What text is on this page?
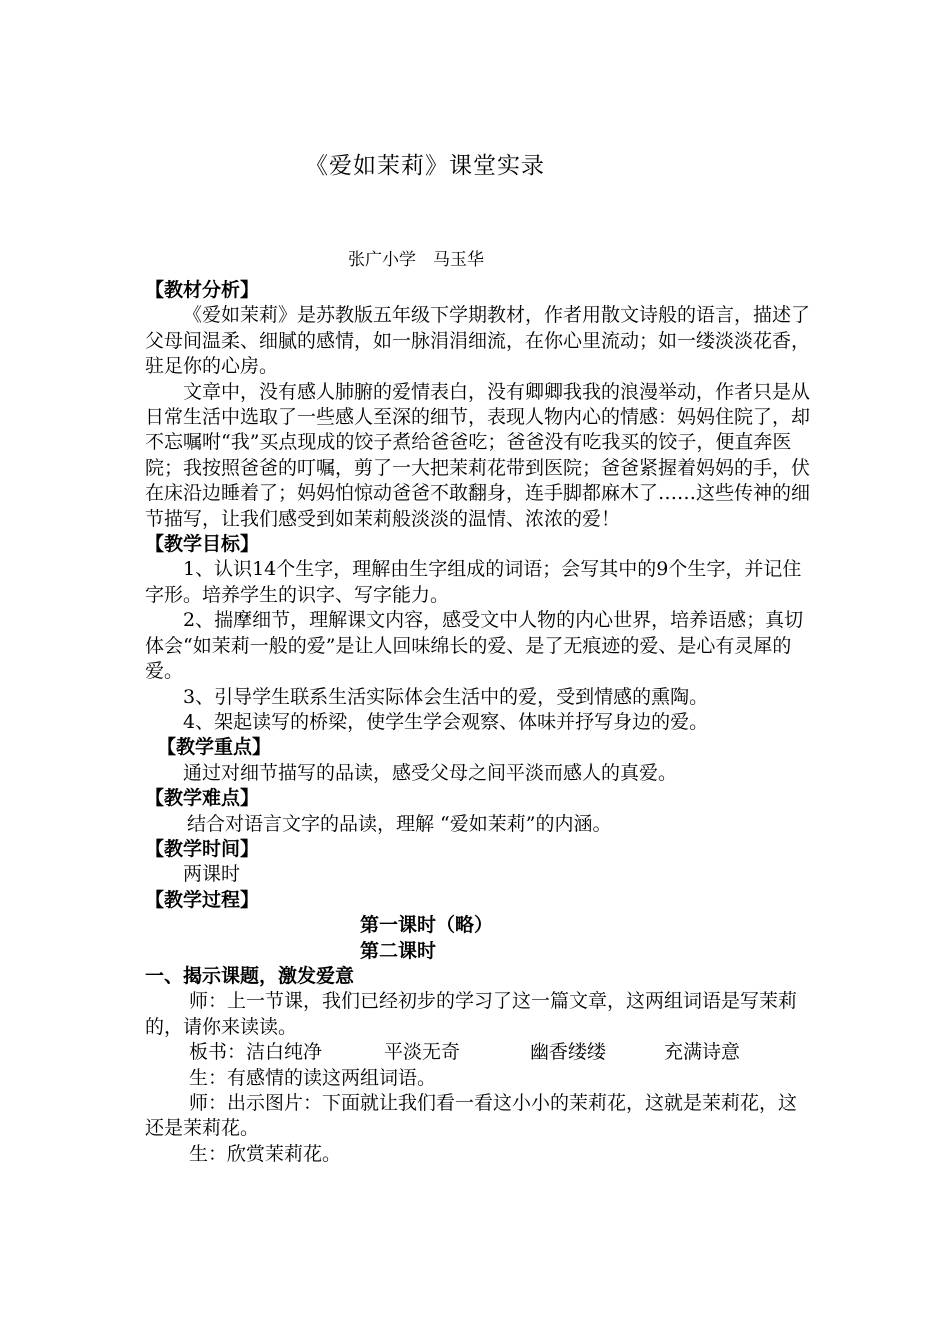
《爱如茉莉》课堂实录
张广小学　马玉华

【教材分析】

《爱如茉莉》是苏教版五年级下学期教材，作者用散文诗般的语言，描述了父母间温柔、细腻的感情，如一脉涓涓细流，在你心里流动；如一缕淡淡花香，驻足你的心房。

文章中，没有感人肺腑的爱情表白，没有卿卿我我的浪漫举动，作者只是从日常生活中选取了一些感人至深的细节，表现人物内心的情感：妈妈住院了，却不忘嘱咐“我”买点现成的饺子煮给爸爸吃；爸爸没有吃我买的饺子，便直奔医院；我按照爸爸的叮嘱，剪了一大把茉莉花带到医院；爸爸紧握着妈妈的手，伏在床沿边睡着了；妈妈怕惊动爸爸不敢翻身，连手脚都麻木了……这些传神的细节描写，让我们感受到如茉莉般淡淡的温情、浓浓的爱！

【教学目标】

1、认识14个生字，理解由生字组成的词语；会写其中的9个生字，并记住字形。培养学生的识字、写字能力。

2、揣摩细节，理解课文内容，感受文中人物的内心世界，培养语感；真切体会“如茉莉一般的爱”是让人回味绵长的爱、是了无痕迹的爱、是心有灵犀的爱。

3、引导学生联系生活实际体会生活中的爱，受到情感的熏陶。

4、架起读写的桥梁，使学生学会观察、体味并抒写身边的爱。

【教学重点】

通过对细节描写的品读，感受父母之间平淡而感人的真爱。

【教学难点】

结合对语言文字的品读，理解 “爱如茉莉”的内涵。

【教学时间】

两课时

【教学过程】

第一课时（略）

第二课时

一、揭示课题，激发爱意

师：上一节课，我们已经初步的学习了这一篇文章，这两组词语是写茉莉的，请你来读读。

板书：洁白纯净	平淡无奇	幽香缕缕	充满诗意

生：有感情的读这两组词语。

师：出示图片：下面就让我们看一看这小小的茉莉花，这就是茉莉花，这还是茉莉花。

生：欣赏茉莉花。
